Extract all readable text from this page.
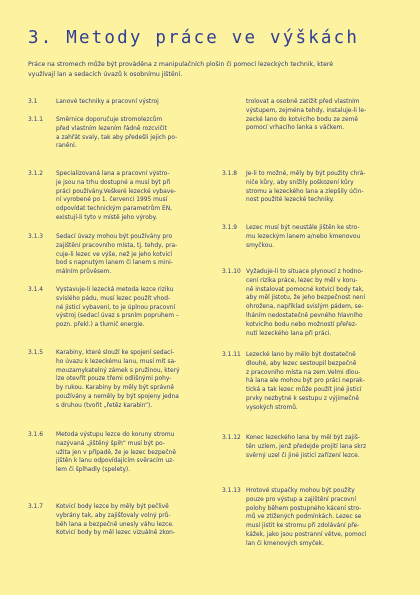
3. Metody práce ve výškách
Práce na stromech může být prováděna z manipulačních plošin či pomocí lezeckých technik, které
využívají lan a sedacích úvazů k osobnímu jištění.
3.1	Lanové techniky a pracovní výstroj
3.1.1	Směrnice doporučuje stromolezcům
před vlastním lezením řádně rozcvičit
a zahřát svaly, tak aby předešli jejich po-
ranění.
3.1.2	Specializovaná lana a pracovní výstro-
je jsou na trhu dostupné a musí být při
práci používány.Veškeré lezecké vybave-
ní vyrobené po 1. červenci 1995 musí
odpovídat technickým parametrům EN,
existují-li tyto v místě jeho výroby.
3.1.3	Sedací úvazy mohou být používány pro
zajištění pracovního místa, tj. tehdy, pra-
cuje-li lezec ve výše, než je jeho kotvicí
bod s napnutým lanem či lanem s mini-
málním průvěsem.
3.1.4	Vystavuje-li lezecká metoda lezce riziku
svislého pádu, musí lezec použít vhod-
né jisticí vybavení, to je úplnou pracovní
výstroj (sedací úvaz s prsním popruhem –
pozn. překl.) a tlumič energie.
3.1.5	Karabiny, které slouží ke spojení sedací-
ho úvazu k lezeckému lanu, musí mít sa-
mouzamykatelný zámek s pružinou, který
lze otevřít pouze třemi odlišnými pohy-
by rukou. Karabiny by měly být správně
používány a neměly by být spojeny jedna
s druhou (tvořit „řetěz karabin“).
3.1.6	Metoda výstupu lezce do koruny stromu
nazývaná „jištěný špih“ musí být po-
užita jen v případě, že je lezec bezpečně
jištěn k lanu odpovídajícím svěracím uz-
lem či šplhadly (spelety).
3.1.7	Kotvicí body lezce by měly být pečlivě
vybrány tak, aby zajišťovaly volný prů-
běh lana a bezpečně unesly váhu lezce.
Kotvicí body by měl lezec vizuálně zkon-
trolovat a osobně zatížit před vlastním
výstupem, zejména tehdy, instaluje-li le-
zecké lano do kotvicího bodu ze země
pomocí vrhacího lanka s váčkem.
3.1.8	Je-li to možné, měly by být použity chrá-
niče kůry, aby snížily poškození kůry
stromu a lezeckého lana a zlepšily účin-
nost použité lezecké techniky.
3.1.9	Lezec musí být neustále jištěn ke stro-
mu lezeckým lanem a/nebo kmenovou
smyčkou.
3.1.10 Vyžaduje-li to situace plynoucí z hodno-
cení rizika práce, lezec by měl v koru-
ně instalovat pomocné kotvicí body tak,
aby měl jistotu, že jeho bezpečnost není
ohrožena, například svislým pádem, se-
lháním nedostatečně pevného hlavního
kotvicího bodu nebo možností přeřez-
nutí lezeckého lana při práci.
3.1.11 Lezecké lano by mělo být dostatečně
dlouhé, aby lezec sestoupil bezpečně
z pracovního místa na zem.Velmi dlou-
há lana ale mohou být pro práci neprak-
tická a tak lezec může použít jiné jisticí
prvky nezbytné k sestupu z výjimečně
vysokých stromů.
3.1.12 Konec lezeckého lana by měl být zajiš-
těn uzlem, jenž předejde projití lana skrz
svěrný uzel či jiné jisticí zařízení lezce.
3.1.13 Hrotové stupačky mohou být použity
pouze pro výstup a zajištění pracovní
polohy během postupného kácení stro-
mů ve ztížených podmínkách. Lezec se
musí jistit ke stromu při zdolávání pře-
kážek, jako jsou postranní větve, pomocí
lan či kmenových smyček.
